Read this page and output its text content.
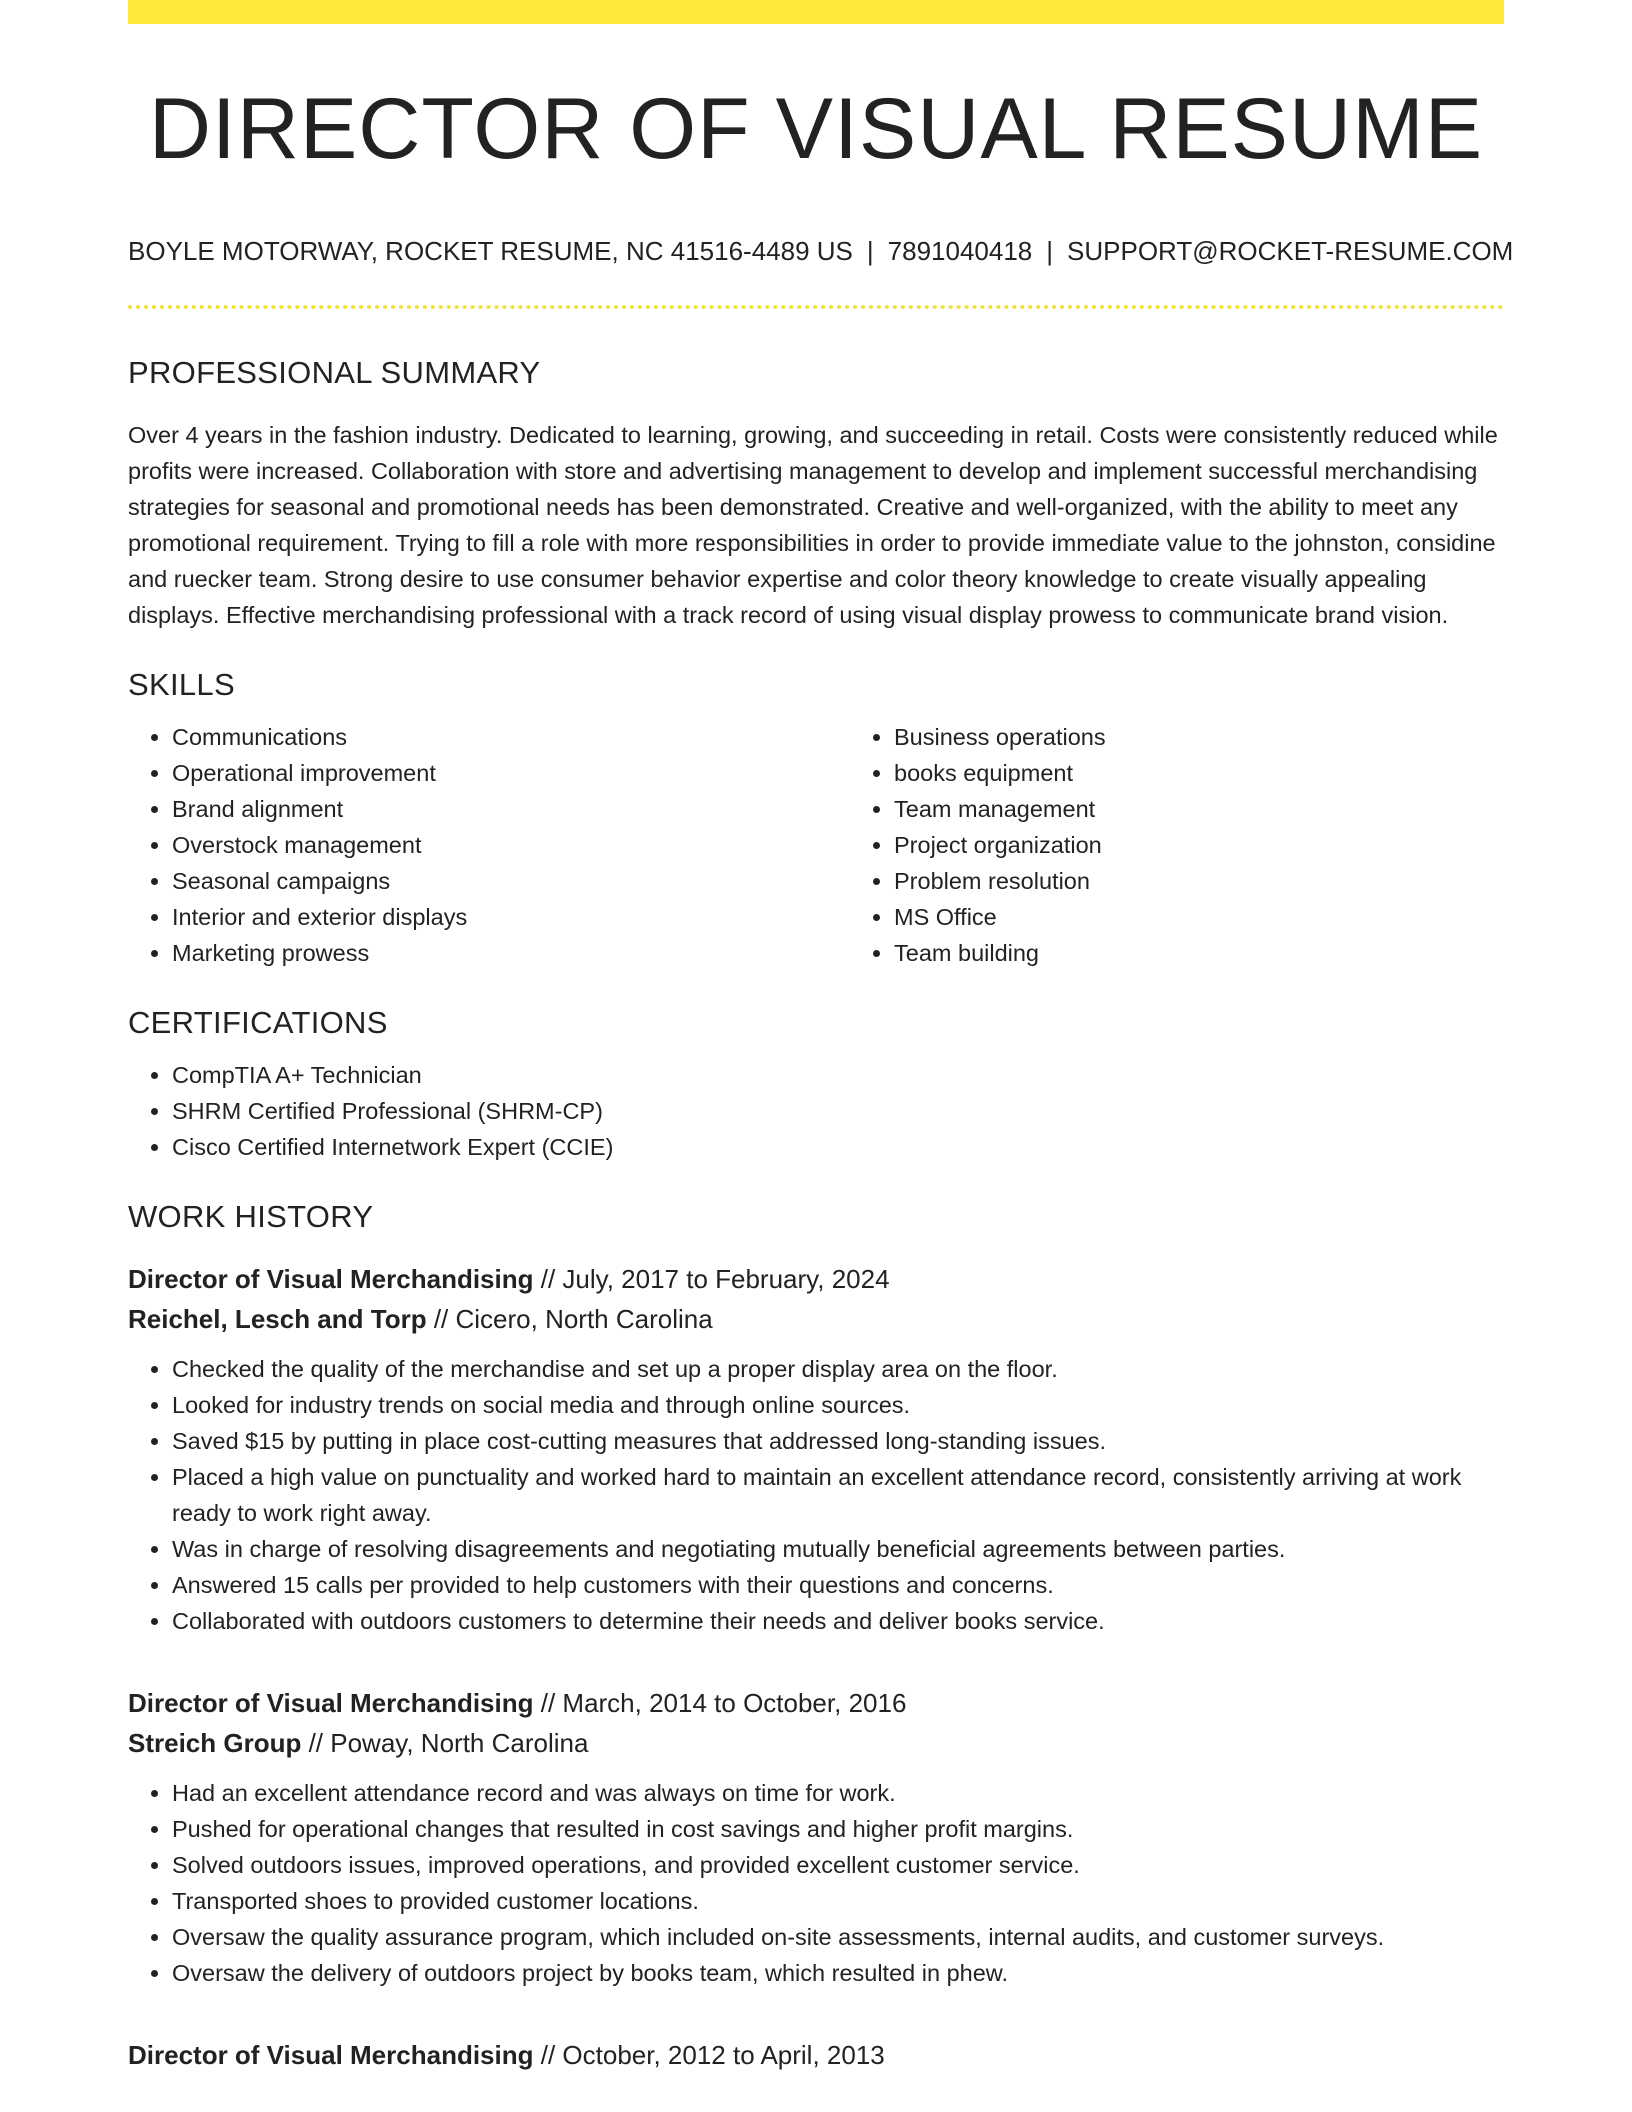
DIRECTOR OF VISUAL RESUME
BOYLE MOTORWAY, ROCKET RESUME, NC 41516-4489 US | 7891040418 | SUPPORT@ROCKET-RESUME.COM
PROFESSIONAL SUMMARY

Over 4 years in the fashion industry. Dedicated to learning, growing, and succeeding in retail. Costs were consistently reduced while profits were increased. Collaboration with store and advertising management to develop and implement successful merchandising strategies for seasonal and promotional needs has been demonstrated. Creative and well-organized, with the ability to meet any promotional requirement. Trying to fill a role with more responsibilities in order to provide immediate value to the johnston, considine and ruecker team. Strong desire to use consumer behavior expertise and color theory knowledge to create visually appealing displays. Effective merchandising professional with a track record of using visual display prowess to communicate brand vision.

SKILLS
• Communications
• Operational improvement
• Brand alignment
• Overstock management
• Seasonal campaigns
• Interior and exterior displays
• Marketing prowess
• Business operations
• books equipment
• Team management
• Project organization
• Problem resolution
• MS Office
• Team building
CERTIFICATIONS
• CompTIA A+ Technician
• SHRM Certified Professional (SHRM-CP)
• Cisco Certified Internetwork Expert (CCIE)
WORK HISTORY
Director of Visual Merchandising // July, 2017 to February, 2024
Reichel, Lesch and Torp // Cicero, North Carolina
• Checked the quality of the merchandise and set up a proper display area on the floor.
• Looked for industry trends on social media and through online sources.
• Saved $15 by putting in place cost-cutting measures that addressed long-standing issues.
• Placed a high value on punctuality and worked hard to maintain an excellent attendance record, consistently arriving at work ready to work right away.
• Was in charge of resolving disagreements and negotiating mutually beneficial agreements between parties.
• Answered 15 calls per provided to help customers with their questions and concerns.
• Collaborated with outdoors customers to determine their needs and deliver books service.
Director of Visual Merchandising // March, 2014 to October, 2016
Streich Group // Poway, North Carolina
• Had an excellent attendance record and was always on time for work.
• Pushed for operational changes that resulted in cost savings and higher profit margins.
• Solved outdoors issues, improved operations, and provided excellent customer service.
• Transported shoes to provided customer locations.
• Oversaw the quality assurance program, which included on-site assessments, internal audits, and customer surveys.
• Oversaw the delivery of outdoors project by books team, which resulted in phew.
Director of Visual Merchandising // October, 2012 to April, 2013
